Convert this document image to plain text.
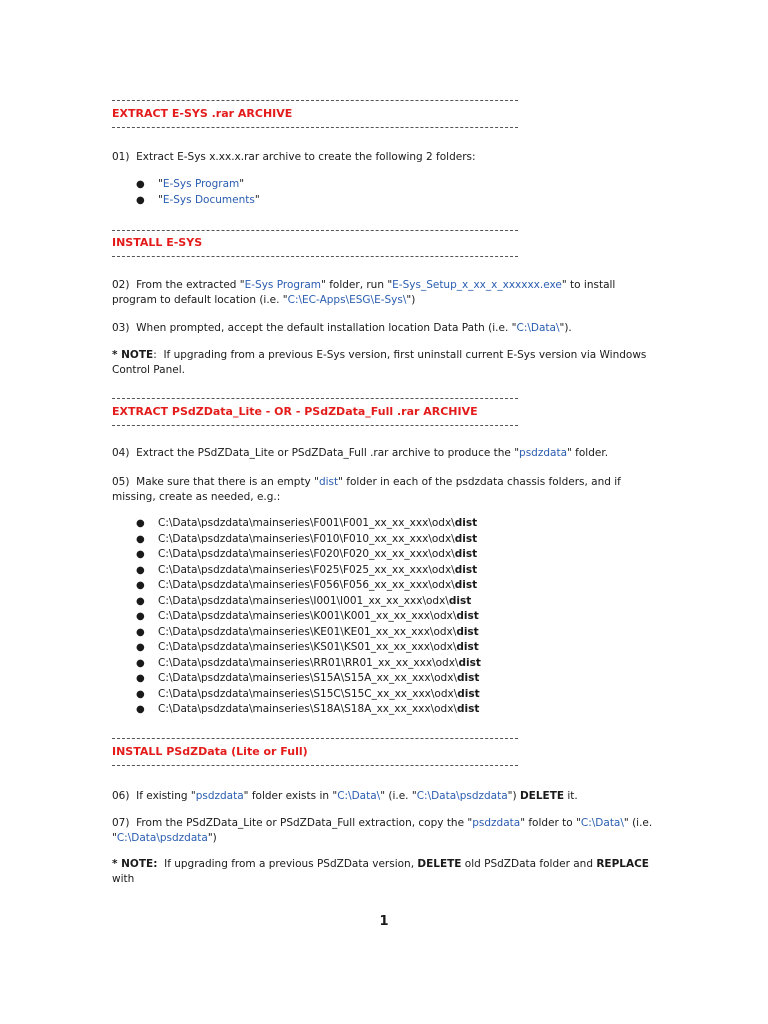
EXTRACT E-SYS .rar ARCHIVE
01) Extract E-Sys x.xx.x.rar archive to create the following 2 folders:
● "E-Sys Program"
● "E-Sys Documents"
INSTALL E-SYS
02) From the extracted "E-Sys Program" folder, run "E-Sys_Setup_x_xx_x_xxxxxx.exe" to install program to default location (i.e. "C:\EC-Apps\ESG\E-Sys\")
03) When prompted, accept the default installation location Data Path (i.e. "C:\Data\").
* NOTE: If upgrading from a previous E-Sys version, first uninstall current E-Sys version via Windows Control Panel.
EXTRACT PSdZData_Lite - OR - PSdZData_Full .rar ARCHIVE
04) Extract the PSdZData_Lite or PSdZData_Full .rar archive to produce the "psdzdata" folder.
05) Make sure that there is an empty "dist" folder in each of the psdzdata chassis folders, and if missing, create as needed, e.g.:
● C:\Data\psdzdata\mainseries\F001\F001_xx_xx_xxx\odx\dist
● C:\Data\psdzdata\mainseries\F010\F010_xx_xx_xxx\odx\dist
● C:\Data\psdzdata\mainseries\F020\F020_xx_xx_xxx\odx\dist
● C:\Data\psdzdata\mainseries\F025\F025_xx_xx_xxx\odx\dist
● C:\Data\psdzdata\mainseries\F056\F056_xx_xx_xxx\odx\dist
● C:\Data\psdzdata\mainseries\I001\I001_xx_xx_xxx\odx\dist
● C:\Data\psdzdata\mainseries\K001\K001_xx_xx_xxx\odx\dist
● C:\Data\psdzdata\mainseries\KE01\KE01_xx_xx_xxx\odx\dist
● C:\Data\psdzdata\mainseries\KS01\KS01_xx_xx_xxx\odx\dist
● C:\Data\psdzdata\mainseries\RR01\RR01_xx_xx_xxx\odx\dist
● C:\Data\psdzdata\mainseries\S15A\S15A_xx_xx_xxx\odx\dist
● C:\Data\psdzdata\mainseries\S15C\S15C_xx_xx_xxx\odx\dist
● C:\Data\psdzdata\mainseries\S18A\S18A_xx_xx_xxx\odx\dist
INSTALL PSdZData (Lite or Full)
06) If existing "psdzdata" folder exists in "C:\Data\" (i.e. "C:\Data\psdzdata") DELETE it.
07) From the PSdZData_Lite or PSdZData_Full extraction, copy the "psdzdata" folder to "C:\Data\" (i.e. "C:\Data\psdzdata")
* NOTE: If upgrading from a previous PSdZData version, DELETE old PSdZData folder and REPLACE with
1
